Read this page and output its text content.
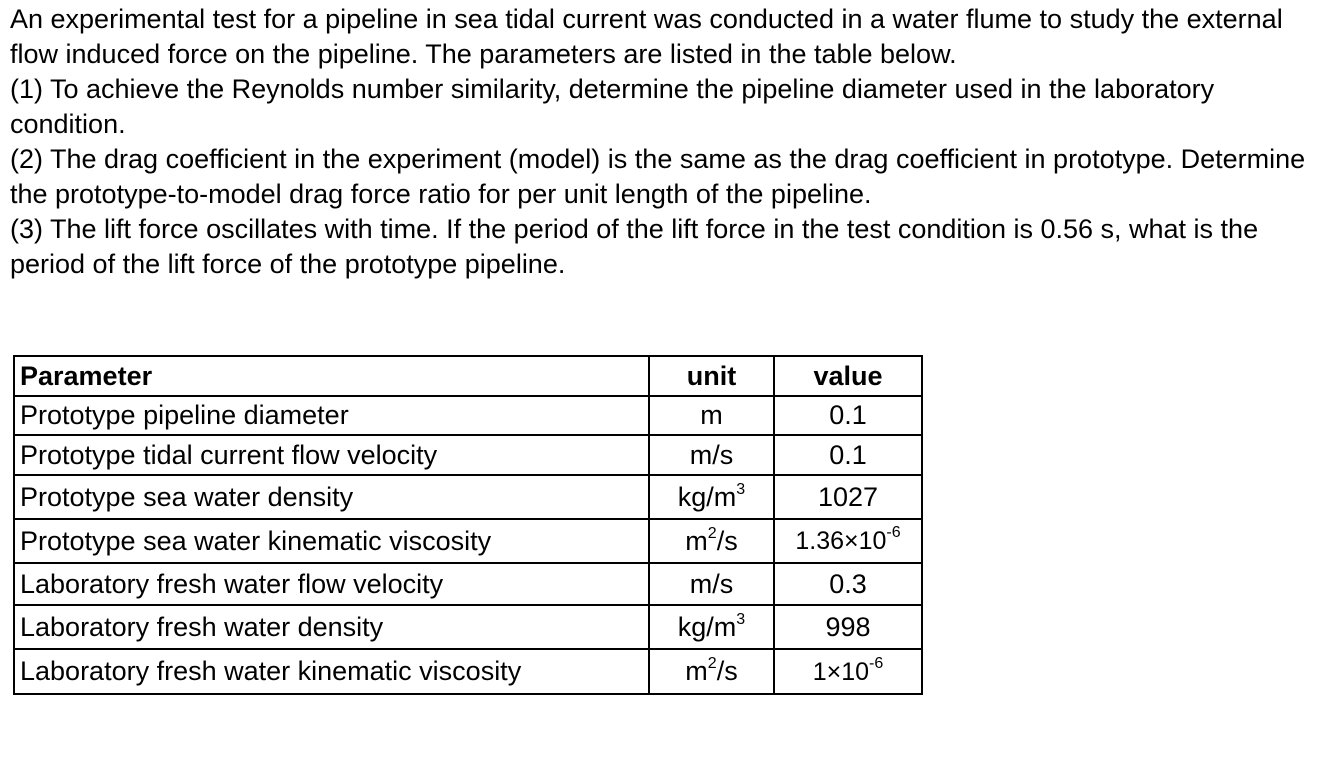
An experimental test for a pipeline in sea tidal current was conducted in a water flume to study the external flow induced force on the pipeline. The parameters are listed in the table below.

(1) To achieve the Reynolds number similarity, determine the pipeline diameter used in the laboratory condition.

(2) The drag coefficient in the experiment (model) is the same as the drag coefficient in prototype. Determine the prototype-to-model drag force ratio for per unit length of the pipeline.

(3) The lift force oscillates with time. If the period of the lift force in the test condition is 0.56 s, what is the period of the lift force of the prototype pipeline.

Parameter	unit	value
Prototype pipeline diameter	m	0.1
Prototype tidal current flow velocity	m/s	0.1
Prototype sea water density	$kg/m^3$	1027
Prototype sea water kinematic viscosity	$m^2/s$	$1.36\times 10^{-6}$
Laboratory fresh water flow velocity	m/s	0.3
Laboratory fresh water density	$kg/m^3$	998
Laboratory fresh water kinematic viscosity	$m^2/s$	$1\times 10^{-6}$
